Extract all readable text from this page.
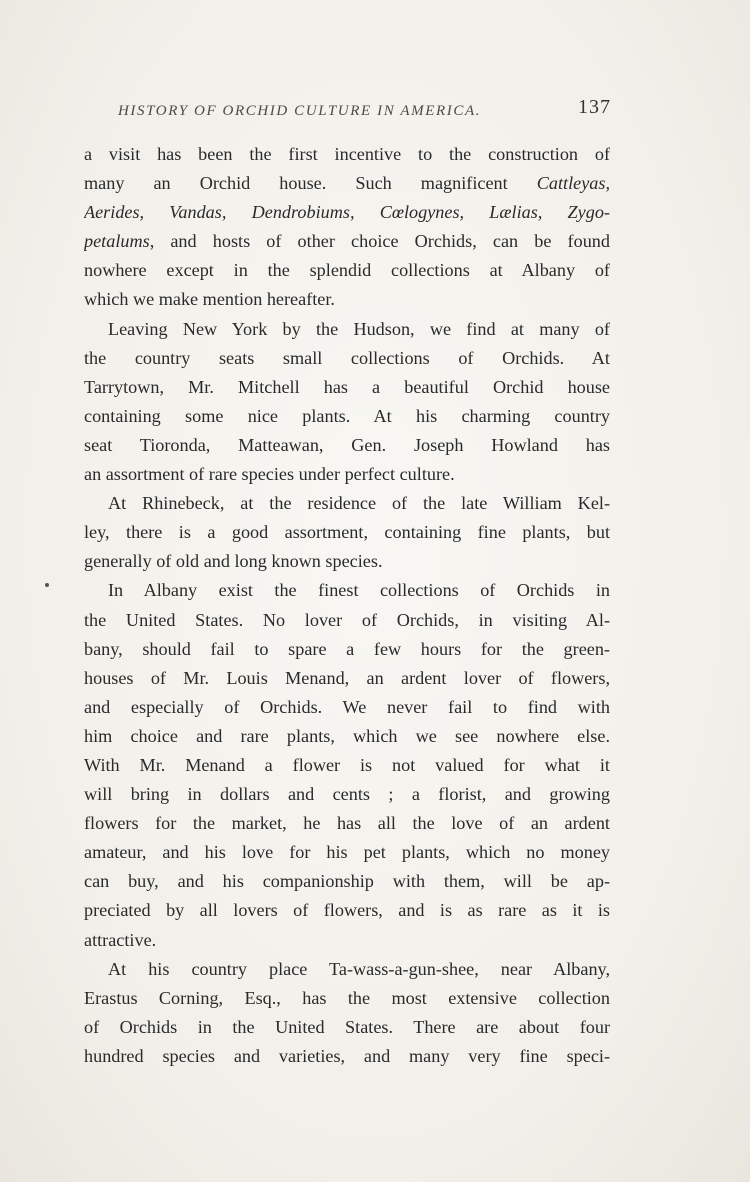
HISTORY OF ORCHID CULTURE IN AMERICA.	137
a visit has been the first incentive to the construction of
many an Orchid house. Such magnificent Cattleyas,
Aerides, Vandas, Dendrobiums, Cœlogynes, Lælias, Zygo-
petalums, and hosts of other choice Orchids, can be found
nowhere except in the splendid collections at Albany of
which we make mention hereafter.
Leaving New York by the Hudson, we find at many of
the country seats small collections of Orchids. At
Tarrytown, Mr. Mitchell has a beautiful Orchid house
containing some nice plants. At his charming country
seat Tioronda, Matteawan, Gen. Joseph Howland has
an assortment of rare species under perfect culture.
At Rhinebeck, at the residence of the late William Kel-
ley, there is a good assortment, containing fine plants, but
generally of old and long known species.
In Albany exist the finest collections of Orchids in
the United States. No lover of Orchids, in visiting Al-
bany, should fail to spare a few hours for the green-
houses of Mr. Louis Menand, an ardent lover of flowers,
and especially of Orchids. We never fail to find with
him choice and rare plants, which we see nowhere else.
With Mr. Menand a flower is not valued for what it
will bring in dollars and cents ; a florist, and growing
flowers for the market, he has all the love of an ardent
amateur, and his love for his pet plants, which no money
can buy, and his companionship with them, will be ap-
preciated by all lovers of flowers, and is as rare as it is
attractive.
At his country place Ta-wass-a-gun-shee, near Albany,
Erastus Corning, Esq., has the most extensive collection
of Orchids in the United States. There are about four
hundred species and varieties, and many very fine speci-
